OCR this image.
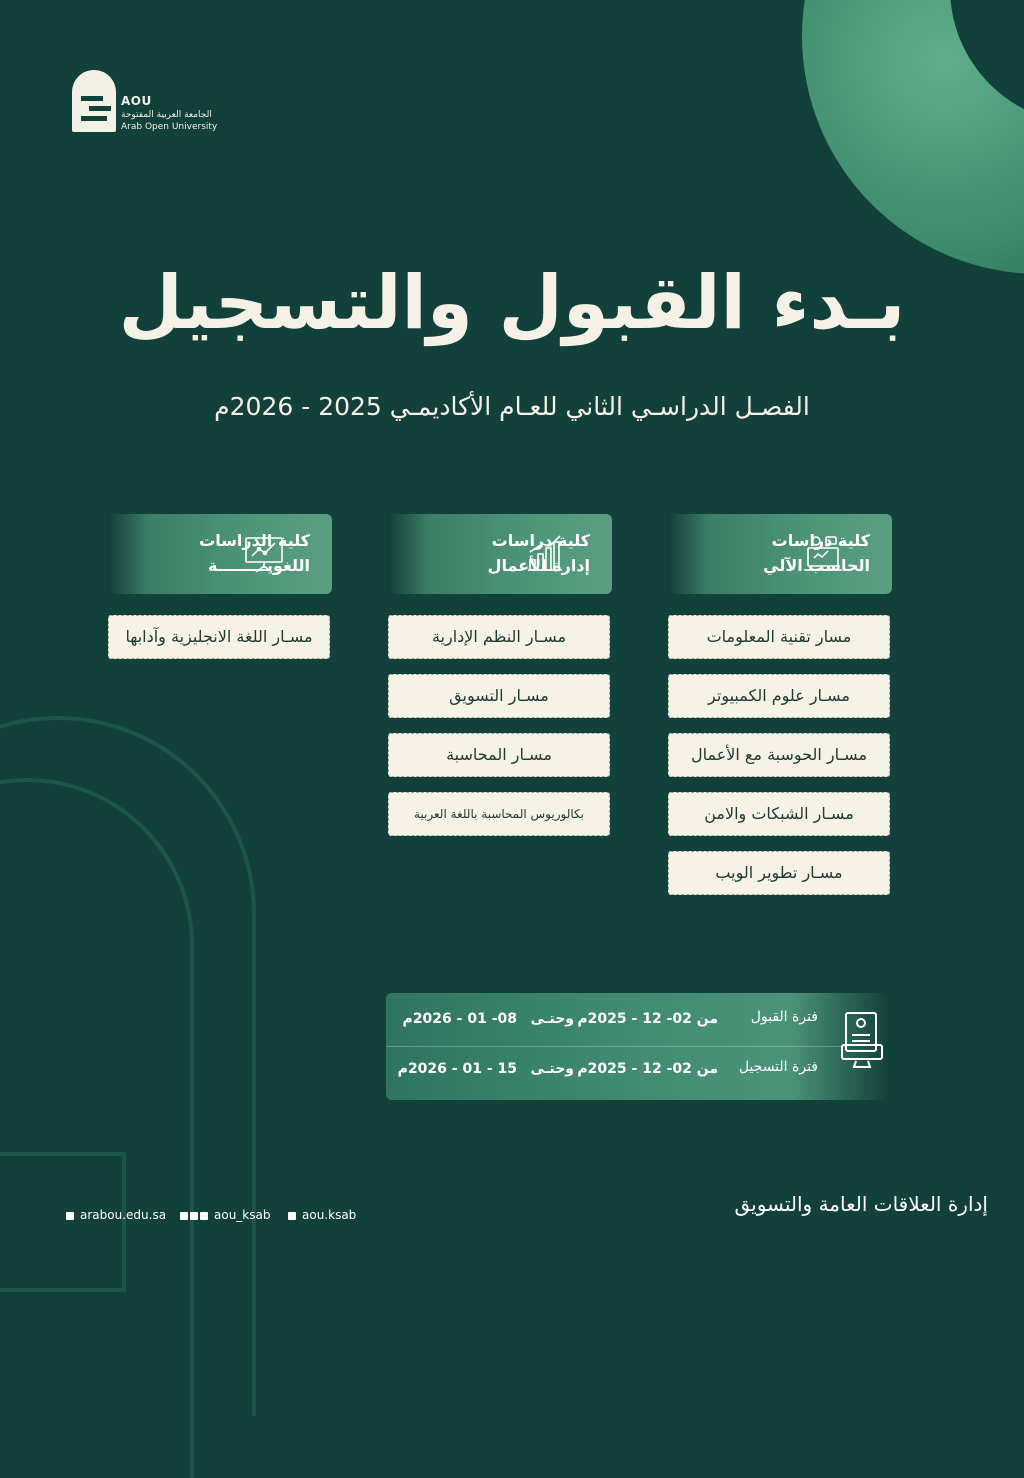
AOU
الجامعة العربية المفتوحة
Arab Open University
بـدء القبول والتسجيل
الفصـل الدراسـي الثاني للعـام الأكاديمـي 2025 - 2026م
كلية دراسات الحاسب الآلي
مسار تقنية المعلومات
مسـار علوم الكمبيوتر
مسـار الحوسبة مع الأعمال
مسـار الشبكات والامن
مسـار تطوير الويب
كلية دراسات إدارة الأعمال
مسـار النظم الإدارية
مسـار التسويق
مسـار المحاسبة
بكالوريوس المحاسبة باللغة العربية
كلية الدراسات اللغويـــــــــة
مسـار اللغة الانجليزية وآدابها
فترة القبول
من 02- 12 - 2025م
وحتـى
08- 01 - 2026م
فترة التسجيل
من 02- 12 - 2025م
وحتـى
15 - 01 - 2026م
إدارة العلاقات العامة والتسويق
arabou.edu.sa	aou_ksab	aou.ksab
